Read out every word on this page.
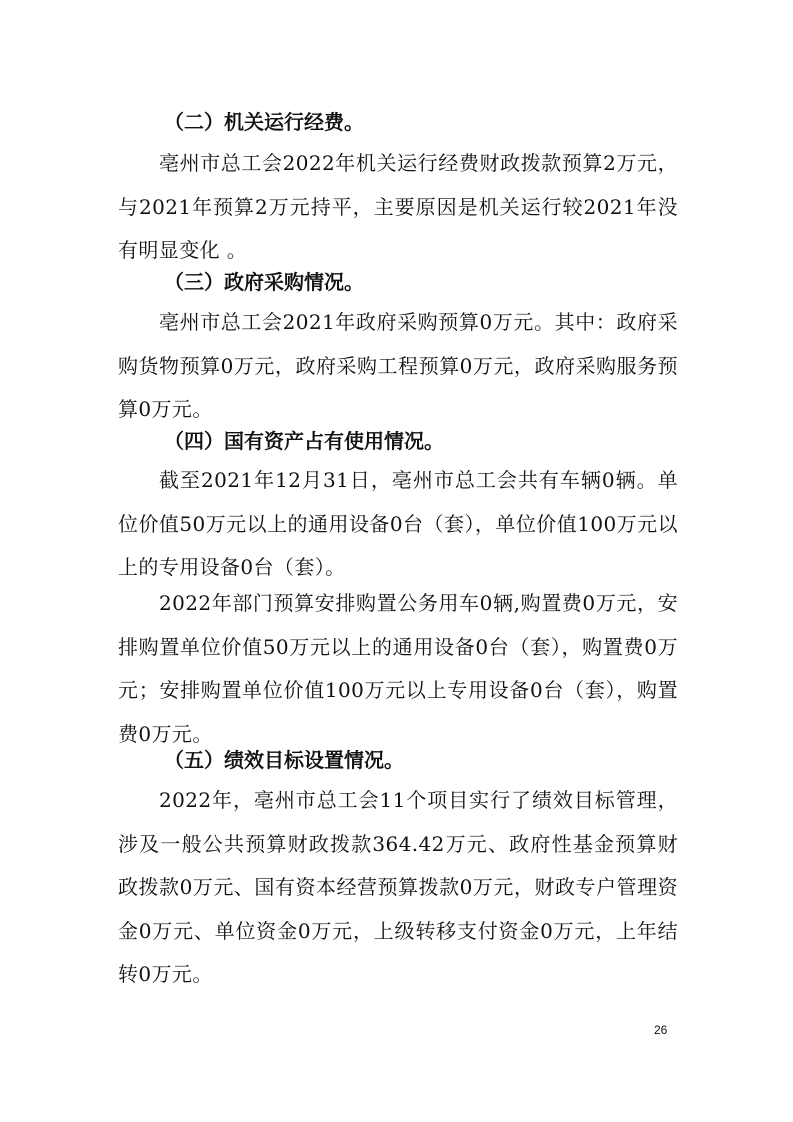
（二）机关运行经费。

亳州市总工会2022年机关运行经费财政拨款预算2万元，与2021年预算2万元持平，主要原因是机关运行较2021年没有明显变化 。

（三）政府采购情况。

亳州市总工会2021年政府采购预算0万元。其中：政府采购货物预算0万元，政府采购工程预算0万元，政府采购服务预算0万元。

（四）国有资产占有使用情况。

截至2021年12月31日，亳州市总工会共有车辆0辆。单位价值50万元以上的通用设备0台（套），单位价值100万元以上的专用设备0台（套）。

2022年部门预算安排购置公务用车0辆,购置费0万元，安排购置单位价值50万元以上的通用设备0台（套），购置费0万元；安排购置单位价值100万元以上专用设备0台（套），购置费0万元。

（五）绩效目标设置情况。

2022年，亳州市总工会11个项目实行了绩效目标管理，涉及一般公共预算财政拨款364.42万元、政府性基金预算财政拨款0万元、国有资本经营预算拨款0万元，财政专户管理资金0万元、单位资金0万元，上级转移支付资金0万元，上年结转0万元。

26
